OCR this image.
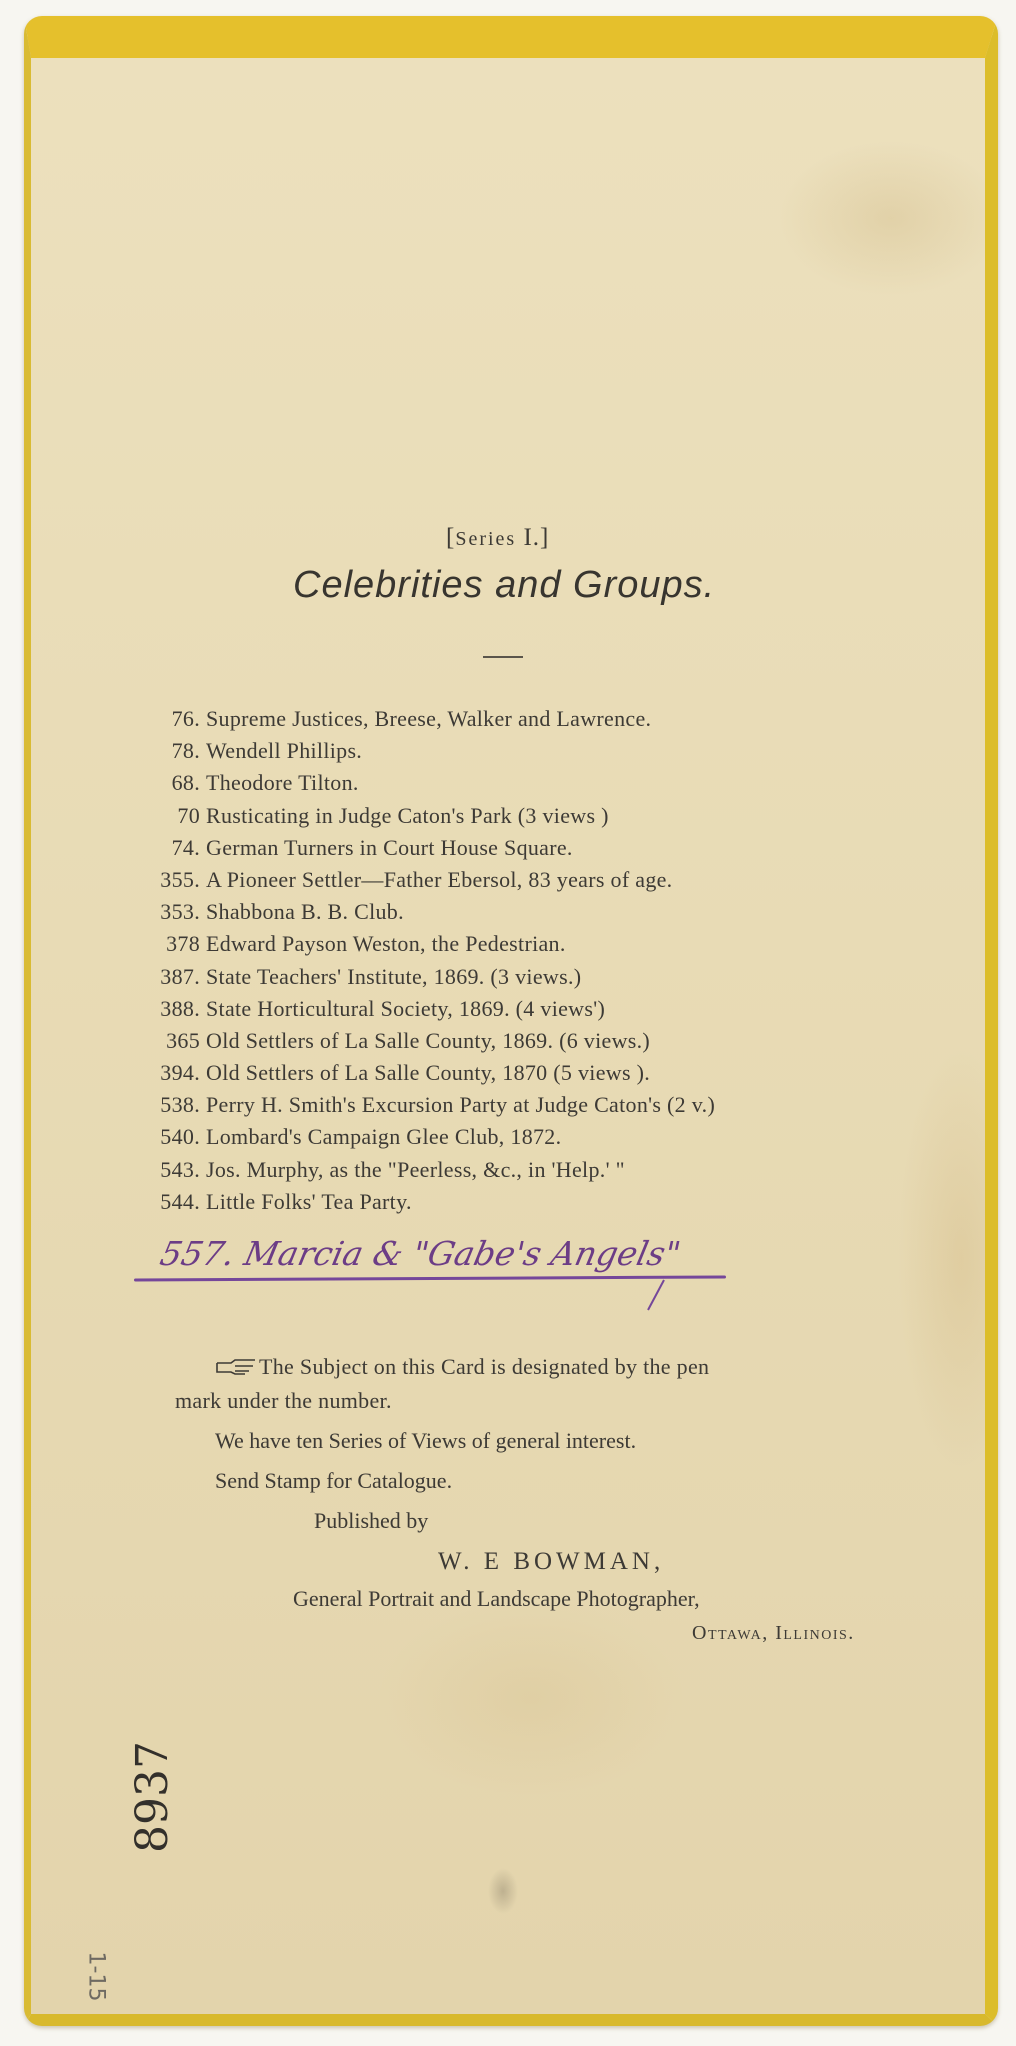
[Series I.]
Celebrities and Groups.
76. Supreme Justices, Breese, Walker and Lawrence.
78. Wendell Phillips.
68. Theodore Tilton.
70 Rusticating in Judge Caton's Park (3 views )
74. German Turners in Court House Square.
355. A Pioneer Settler—Father Ebersol, 83 years of age.
353. Shabbona B. B. Club.
378 Edward Payson Weston, the Pedestrian.
387. State Teachers' Institute, 1869. (3 views.)
388. State Horticultural Society, 1869. (4 views')
365 Old Settlers of La Salle County, 1869. (6 views.)
394. Old Settlers of La Salle County, 1870 (5 views ).
538. Perry H. Smith's Excursion Party at Judge Caton's (2 v.)
540. Lombard's Campaign Glee Club, 1872.
543. Jos. Murphy, as the "Peerless, &c., in 'Help.' "
544. Little Folks' Tea Party.
557. Marcia & "Gabe's Angels"
The Subject on this Card is designated by the pen
mark under the number.
We have ten Series of Views of general interest.
Send Stamp for Catalogue.
Published by
W. E BOWMAN,
General Portrait and Landscape Photographer,
Ottawa, Illinois.
8937
1-15
